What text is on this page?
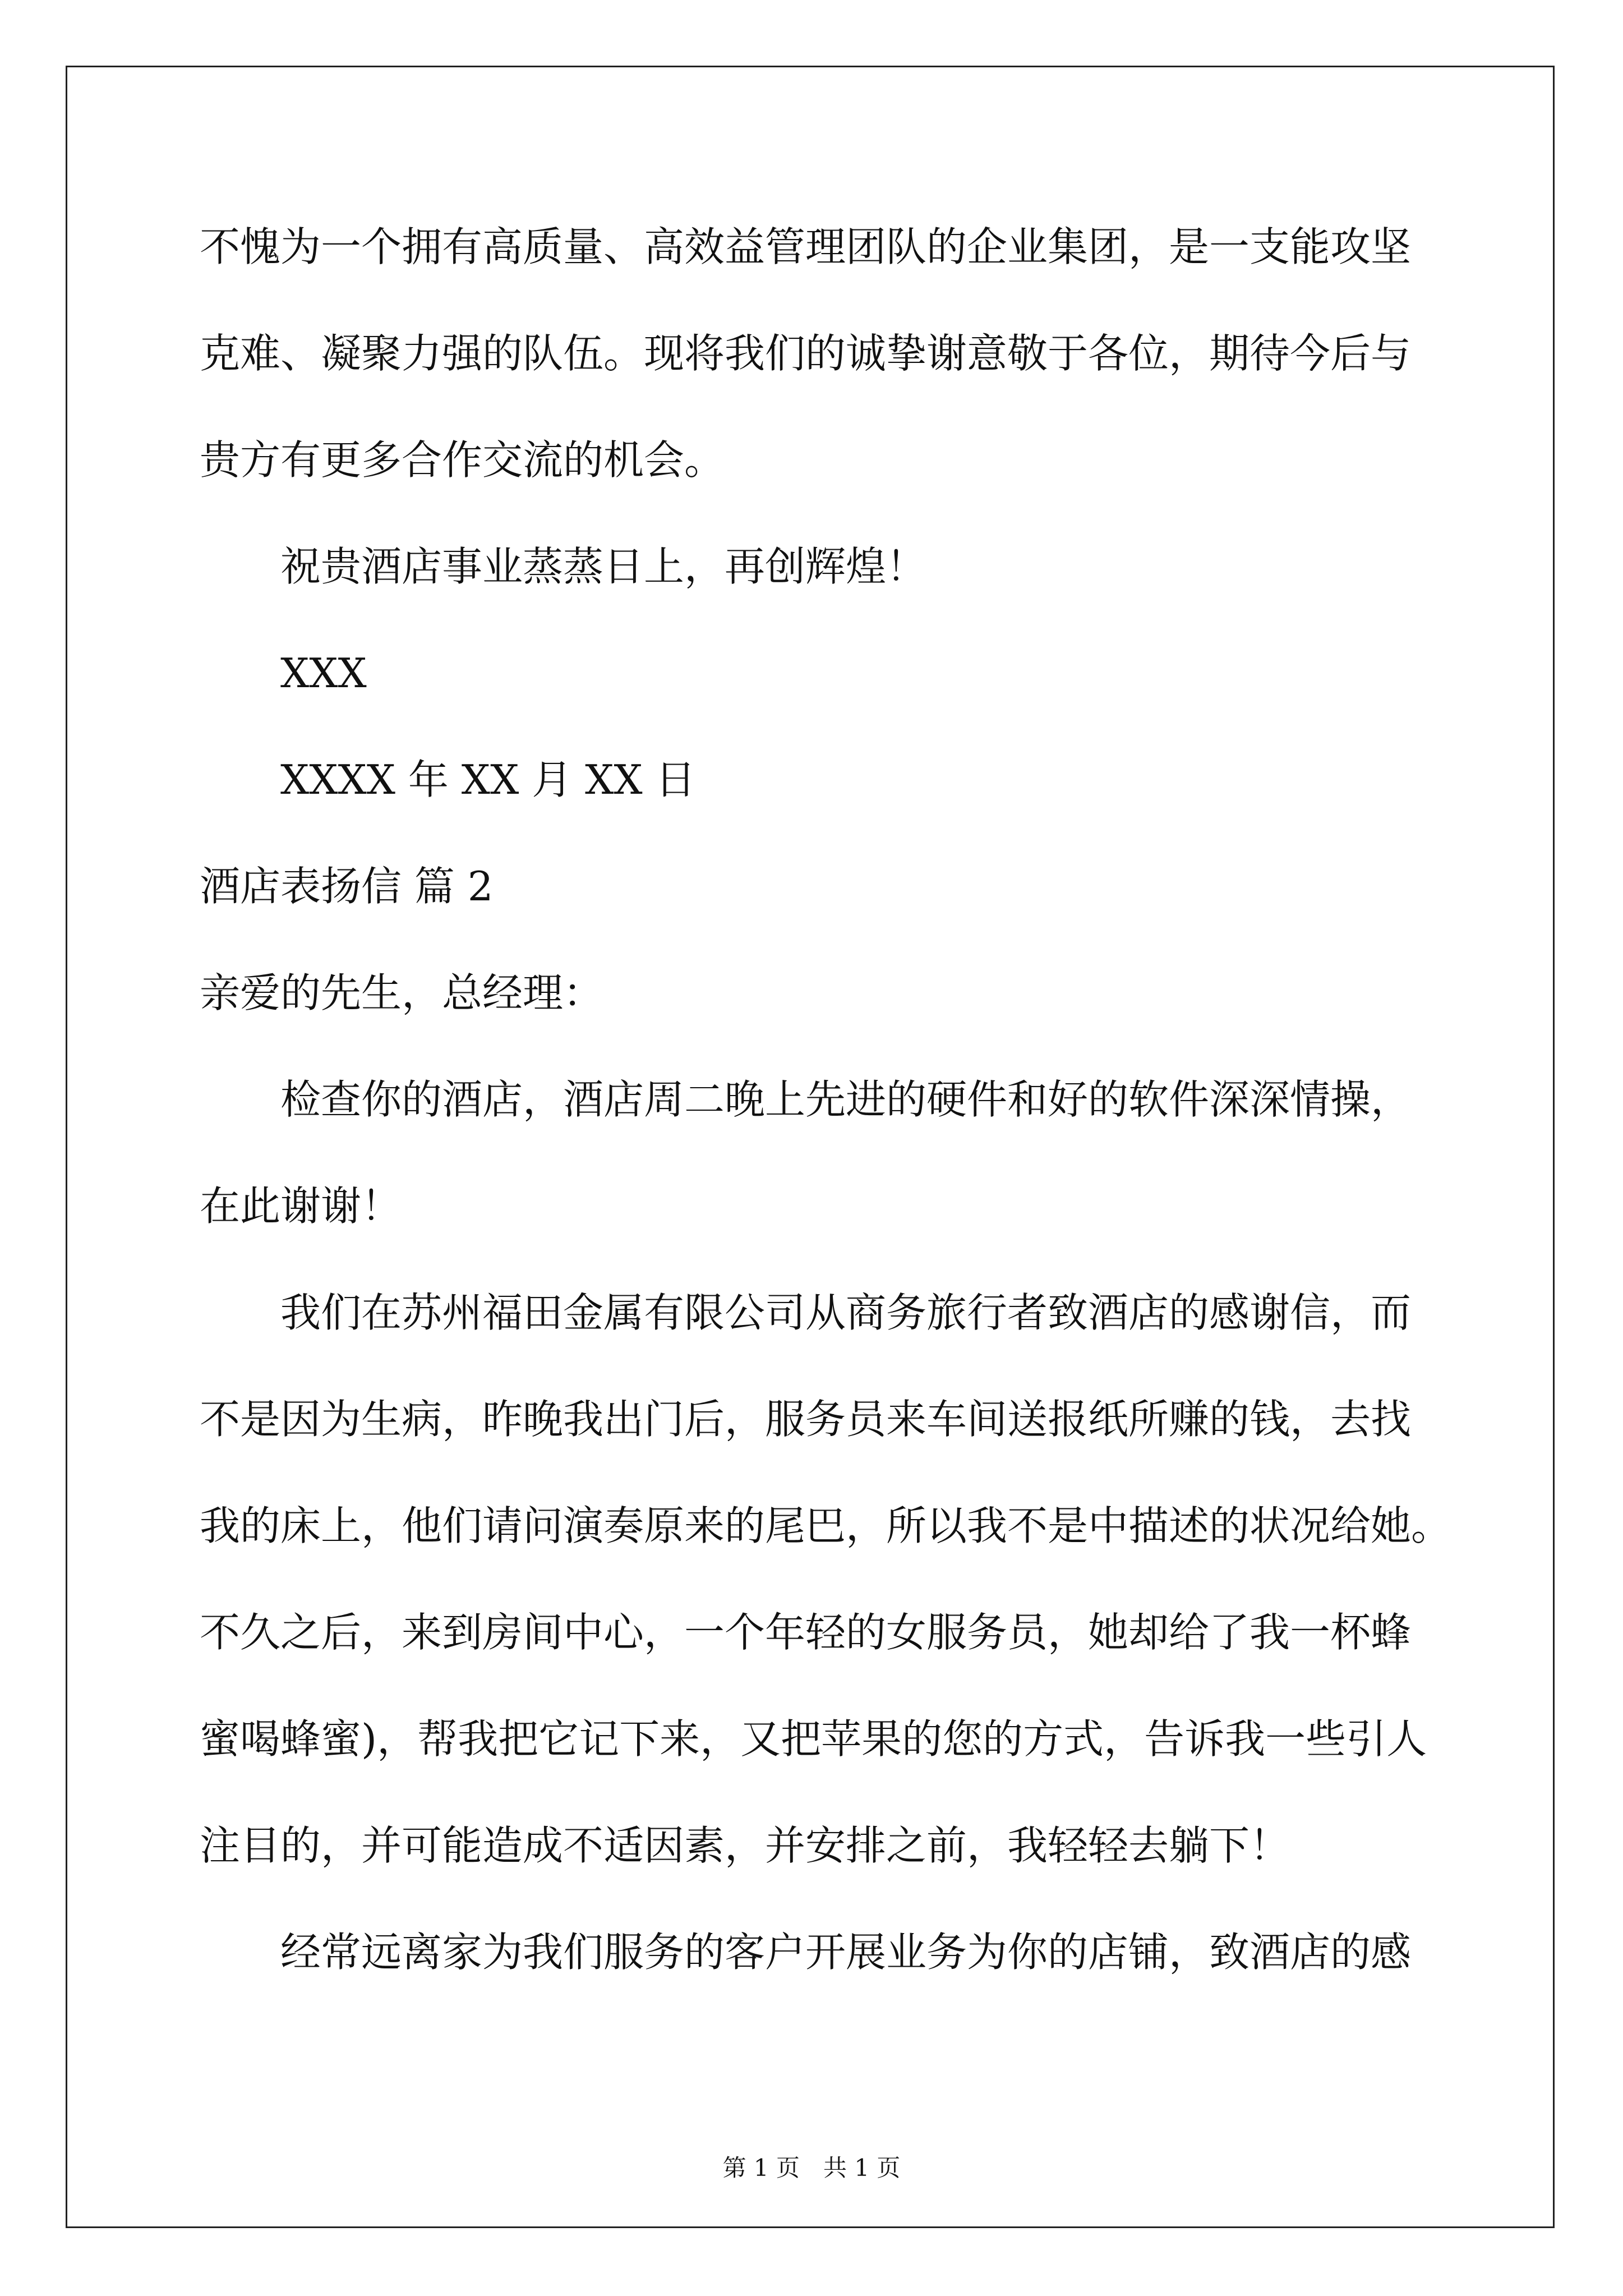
不愧为一个拥有高质量、高效益管理团队的企业集团，是一支能攻坚
克难、凝聚力强的队伍。现将我们的诚挚谢意敬于各位，期待今后与
贵方有更多合作交流的机会。
祝贵酒店事业蒸蒸日上，再创辉煌！
XXX
XXXX 年 XX 月 XX 日
酒店表扬信 篇 2
亲爱的先生，总经理：
检查你的酒店，酒店周二晚上先进的硬件和好的软件深深情操，
在此谢谢！
我们在苏州福田金属有限公司从商务旅行者致酒店的感谢信，而
不是因为生病，昨晚我出门后，服务员来车间送报纸所赚的钱，去找
我的床上，他们请问演奏原来的尾巴，所以我不是中描述的状况给她。
不久之后，来到房间中心，一个年轻的女服务员，她却给了我一杯蜂
蜜喝蜂蜜)，帮我把它记下来，又把苹果的您的方式，告诉我一些引人
注目的，并可能造成不适因素，并安排之前，我轻轻去躺下！
经常远离家为我们服务的客户开展业务为你的店铺，致酒店的感
第 1 页　共 1 页
